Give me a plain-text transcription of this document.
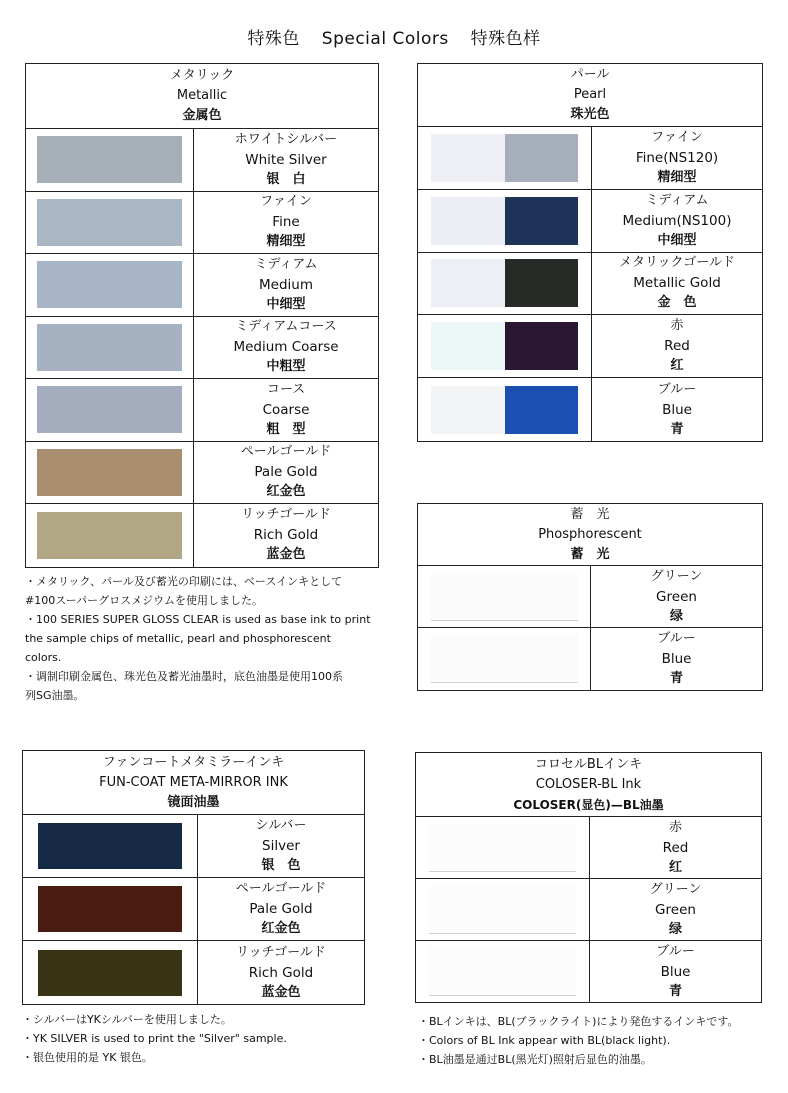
特殊色 Special Colors 特殊色样
メタリック
Metallic
金属色
ホワイトシルバー
White Silver
银　白
ファイン
Fine
精细型
ミディアム
Medium
中细型
ミディアムコース
Medium Coarse
中粗型
コース
Coarse
粗　型
ペールゴールド
Pale Gold
红金色
リッチゴールド
Rich Gold
蓝金色
パール
Pearl
珠光色
ファイン
Fine(NS120)
精细型
ミディアム
Medium(NS100)
中细型
メタリックゴールド
Metallic Gold
金　色
赤
Red
红
ブルー
Blue
青
蓄　光
Phosphorescent
蓄　光
グリーン
Green
绿
ブルー
Blue
青
・メタリック、パール及び蓄光の印刷には、ベースインキとして
#100スーパーグロスメジウムを使用しました。
・100 SERIES SUPER GLOSS CLEAR is used as base ink to print
the sample chips of metallic, pearl and phosphorescent
colors.
・调制印刷金属色、珠光色及蓄光油墨时，底色油墨是使用100系
列SG油墨。
ファンコートメタミラーインキ
FUN-COAT META-MIRROR INK
镜面油墨
シルバー
Silver
银　色
ペールゴールド
Pale Gold
红金色
リッチゴールド
Rich Gold
蓝金色
コロセルBLインキ
COLOSER-BL Ink
COLOSER(显色)—BL油墨
赤
Red
红
グリーン
Green
绿
ブルー
Blue
青
・シルバーはYKシルバーを使用しました。
・YK SILVER is used to print the "Silver" sample.
・银色使用的是 YK 银色。
・BLインキは、BL(ブラックライト)により発色するインキです。
・Colors of BL Ink appear with BL(black light).
・BL油墨是通过BL(黑光灯)照射后显色的油墨。
